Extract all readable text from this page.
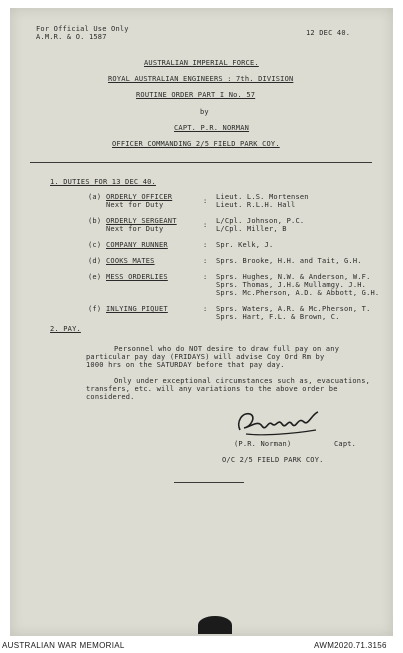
For Official Use Only
A.M.R. & O. 1587	12 DEC 40.
AUSTRALIAN IMPERIAL FORCE.
ROYAL AUSTRALIAN ENGINEERS : 7th. DIVISION
ROUTINE ORDER PART I No. 57
by
CAPT. P.R. NORMAN
OFFICER COMMANDING 2/5 FIELD PARK COY.
1. DUTIES FOR 13 DEC 40.
(a) ORDERLY OFFICER
Next for Duty	: Lieut. L.S. Mortensen
Lieut. R.L.H. Hall
(b) ORDERLY SERGEANT
Next for Duty	: L/Cpl. Johnson, P.C.
L/Cpl. Miller, B
(c) COMPANY RUNNER	: Spr. Kelk, J.
(d) COOKS MATES	: Sprs. Brooke, H.H. and Tait, G.H.
(e) MESS ORDERLIES	: Sprs. Hughes, N.W. & Anderson, W.F.
Sprs. Thomas, J.H.& Mullamgy. J.H.
Sprs. Mc.Pherson, A.D. & Abbott, G.H.
(f) INLYING PIQUET	: Sprs. Waters, A.R. & Mc.Pherson, T.
Sprs. Hart, F.L. & Brown, C.
2. PAY.
Personnel who do NOT desire to draw full pay on any
particular pay day (FRIDAYS) will advise Coy Ord Rm by
1000 hrs on the SATURDAY before that pay day.
Only under exceptional circumstances such as, evacuations,
transfers, etc. will any variations to the above order be
considered.
(P.R. Norman)	Capt.
O/C 2/5 FIELD PARK COY.
AUSTRALIAN WAR MEMORIAL	AWM2020.71.3156
